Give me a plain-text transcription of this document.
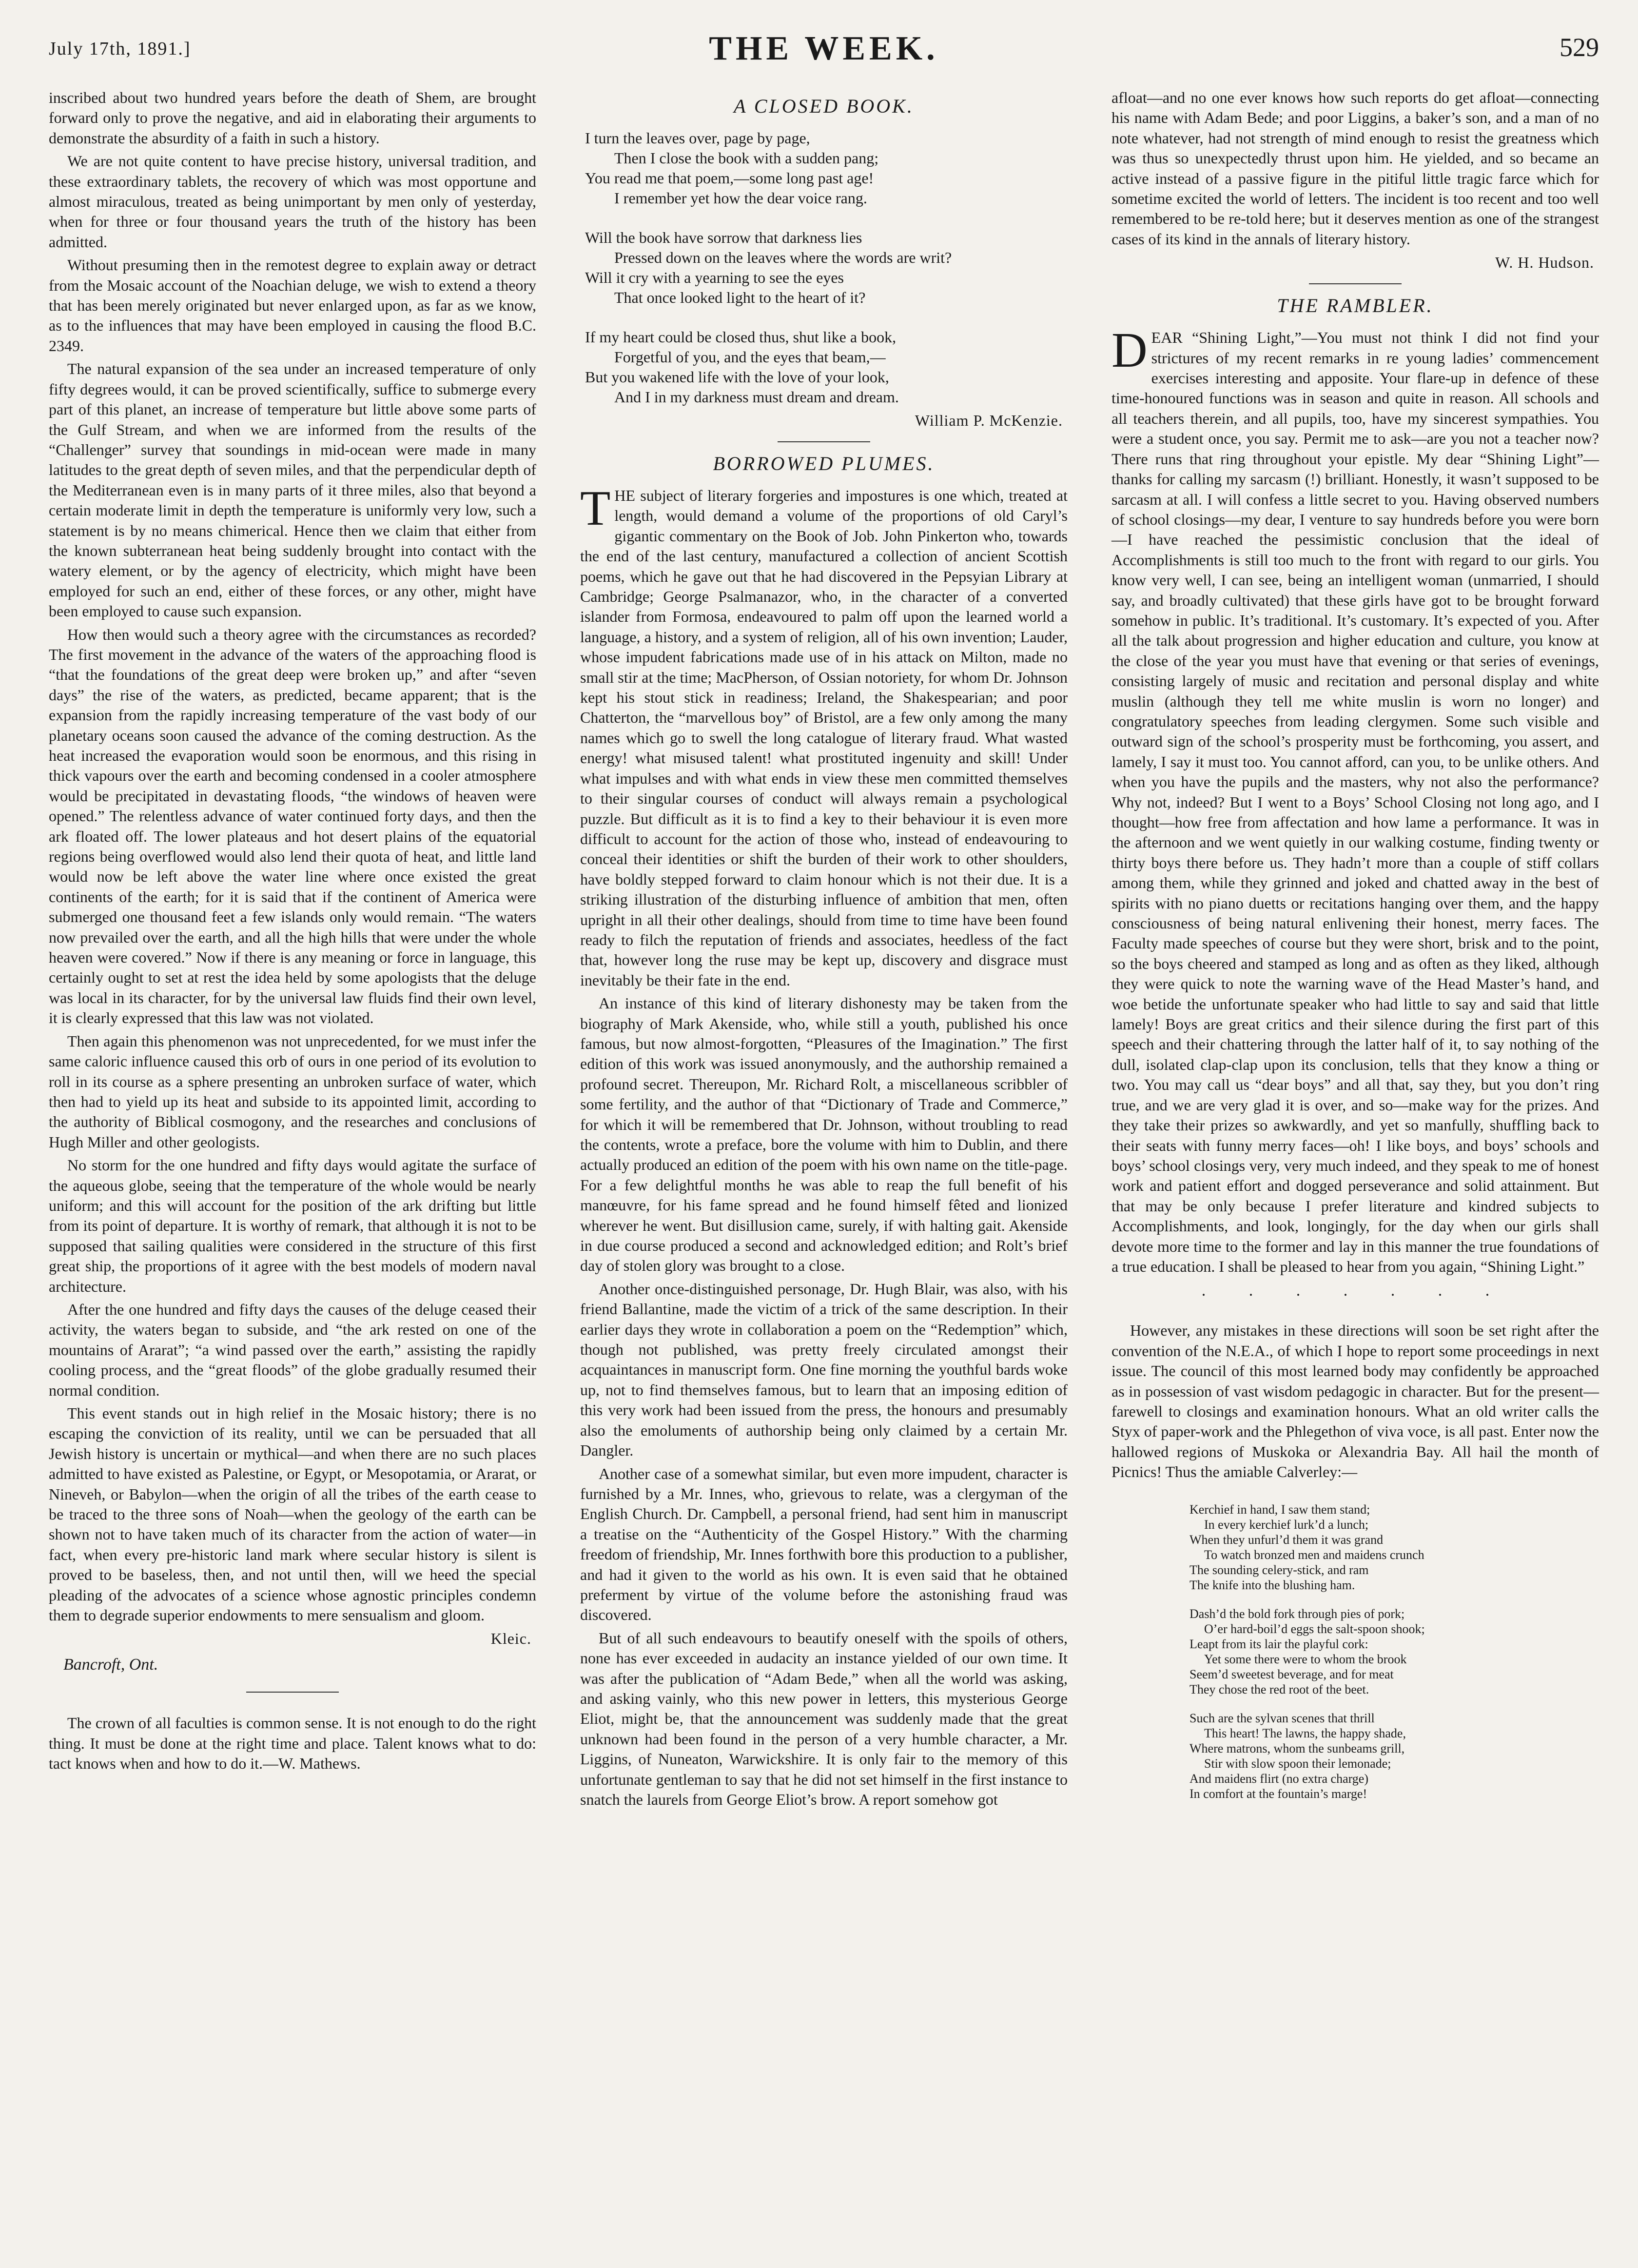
July 17th, 1891.]	THE WEEK.	529

inscribed about two hundred years before the death of Shem, are brought forward only to prove the negative, and aid in elaborating their arguments to demonstrate the absurdity of a faith in such a history.

We are not quite content to have precise history, universal tradition, and these extraordinary tablets, the recovery of which was most opportune and almost miraculous, treated as being unimportant by men only of yesterday, when for three or four thousand years the truth of the history has been admitted.

Without presuming then in the remotest degree to explain away or detract from the Mosaic account of the Noachian deluge, we wish to extend a theory that has been merely originated but never enlarged upon, as far as we know, as to the influences that may have been employed in causing the flood B.C. 2349.

The natural expansion of the sea under an increased temperature of only fifty degrees would, it can be proved scientifically, suffice to submerge every part of this planet, an increase of temperature but little above some parts of the Gulf Stream, and when we are informed from the results of the “Challenger” survey that soundings in mid-ocean were made in many latitudes to the great depth of seven miles, and that the perpendicular depth of the Mediterranean even is in many parts of it three miles, also that beyond a certain moderate limit in depth the temperature is uniformly very low, such a statement is by no means chimerical. Hence then we claim that either from the known subterranean heat being suddenly brought into contact with the watery element, or by the agency of electricity, which might have been employed for such an end, either of these forces, or any other, might have been employed to cause such expansion.

How then would such a theory agree with the circumstances as recorded? The first movement in the advance of the waters of the approaching flood is “that the foundations of the great deep were broken up,” and after “seven days” the rise of the waters, as predicted, became apparent; that is the expansion from the rapidly increasing temperature of the vast body of our planetary oceans soon caused the advance of the coming destruction. As the heat increased the evaporation would soon be enormous, and this rising in thick vapours over the earth and becoming condensed in a cooler atmosphere would be precipitated in devastating floods, “the windows of heaven were opened.” The relentless advance of water continued forty days, and then the ark floated off. The lower plateaus and hot desert plains of the equatorial regions being overflowed would also lend their quota of heat, and little land would now be left above the water line where once existed the great continents of the earth; for it is said that if the continent of America were submerged one thousand feet a few islands only would remain. “The waters now prevailed over the earth, and all the high hills that were under the whole heaven were covered.” Now if there is any meaning or force in language, this certainly ought to set at rest the idea held by some apologists that the deluge was local in its character, for by the universal law fluids find their own level, it is clearly expressed that this law was not violated.

Then again this phenomenon was not unprecedented, for we must infer the same caloric influence caused this orb of ours in one period of its evolution to roll in its course as a sphere presenting an unbroken surface of water, which then had to yield up its heat and subside to its appointed limit, according to the authority of Biblical cosmogony, and the researches and conclusions of Hugh Miller and other geologists.

No storm for the one hundred and fifty days would agitate the surface of the aqueous globe, seeing that the temperature of the whole would be nearly uniform; and this will account for the position of the ark drifting but little from its point of departure. It is worthy of remark, that although it is not to be supposed that sailing qualities were considered in the structure of this first great ship, the proportions of it agree with the best models of modern naval architecture.

After the one hundred and fifty days the causes of the deluge ceased their activity, the waters began to subside, and “the ark rested on one of the mountains of Ararat”; “a wind passed over the earth,” assisting the rapidly cooling process, and the “great floods” of the globe gradually resumed their normal condition.

This event stands out in high relief in the Mosaic history; there is no escaping the conviction of its reality, until we can be persuaded that all Jewish history is uncertain or mythical—and when there are no such places admitted to have existed as Palestine, or Egypt, or Mesopotamia, or Ararat, or Nineveh, or Babylon—when the origin of all the tribes of the earth cease to be traced to the three sons of Noah—when the geology of the earth can be shown not to have taken much of its character from the action of water—in fact, when every pre-historic land mark where secular history is silent is proved to be baseless, then, and not until then, will we heed the special pleading of the advocates of a science whose agnostic principles condemn them to degrade superior endowments to mere sensualism and gloom.

Kleic.
Bancroft, Ont.

The crown of all faculties is common sense. It is not enough to do the right thing. It must be done at the right time and place. Talent knows what to do: tact knows when and how to do it.—W. Mathews.

A CLOSED BOOK.
I turn the leaves over, page by page,
Then I close the book with a sudden pang;
You read me that poem,—some long past age!
I remember yet how the dear voice rang.
Will the book have sorrow that darkness lies
Pressed down on the leaves where the words are writ?
Will it cry with a yearning to see the eyes
That once looked light to the heart of it?
If my heart could be closed thus, shut like a book,
Forgetful of you, and the eyes that beam,—
But you wakened life with the love of your look,
And I in my darkness must dream and dream.
William P. McKenzie.
BORROWED PLUMES.

THE subject of literary forgeries and impostures is one which, treated at length, would demand a volume of the proportions of old Caryl’s gigantic commentary on the Book of Job. John Pinkerton who, towards the end of the last century, manufactured a collection of ancient Scottish poems, which he gave out that he had discovered in the Pepsyian Library at Cambridge; George Psalmanazor, who, in the character of a converted islander from Formosa, endeavoured to palm off upon the learned world a language, a history, and a system of religion, all of his own invention; Lauder, whose impudent fabrications made use of in his attack on Milton, made no small stir at the time; MacPherson, of Ossian notoriety, for whom Dr. Johnson kept his stout stick in readiness; Ireland, the Shakespearian; and poor Chatterton, the “marvellous boy” of Bristol, are a few only among the many names which go to swell the long catalogue of literary fraud. What wasted energy! what misused talent! what prostituted ingenuity and skill! Under what impulses and with what ends in view these men committed themselves to their singular courses of conduct will always remain a psychological puzzle. But difficult as it is to find a key to their behaviour it is even more difficult to account for the action of those who, instead of endeavouring to conceal their identities or shift the burden of their work to other shoulders, have boldly stepped forward to claim honour which is not their due. It is a striking illustration of the disturbing influence of ambition that men, often upright in all their other dealings, should from time to time have been found ready to filch the reputation of friends and associates, heedless of the fact that, however long the ruse may be kept up, discovery and disgrace must inevitably be their fate in the end.

An instance of this kind of literary dishonesty may be taken from the biography of Mark Akenside, who, while still a youth, published his once famous, but now almost-forgotten, “Pleasures of the Imagination.” The first edition of this work was issued anonymously, and the authorship remained a profound secret. Thereupon, Mr. Richard Rolt, a miscellaneous scribbler of some fertility, and the author of that “Dictionary of Trade and Commerce,” for which it will be remembered that Dr. Johnson, without troubling to read the contents, wrote a preface, bore the volume with him to Dublin, and there actually produced an edition of the poem with his own name on the title-page. For a few delightful months he was able to reap the full benefit of his manœuvre, for his fame spread and he found himself fêted and lionized wherever he went. But disillusion came, surely, if with halting gait. Akenside in due course produced a second and acknowledged edition; and Rolt’s brief day of stolen glory was brought to a close.

Another once-distinguished personage, Dr. Hugh Blair, was also, with his friend Ballantine, made the victim of a trick of the same description. In their earlier days they wrote in collaboration a poem on the “Redemption” which, though not published, was pretty freely circulated amongst their acquaintances in manuscript form. One fine morning the youthful bards woke up, not to find themselves famous, but to learn that an imposing edition of this very work had been issued from the press, the honours and presumably also the emoluments of authorship being only claimed by a certain Mr. Dangler.

Another case of a somewhat similar, but even more impudent, character is furnished by a Mr. Innes, who, grievous to relate, was a clergyman of the English Church. Dr. Campbell, a personal friend, had sent him in manuscript a treatise on the “Authenticity of the Gospel History.” With the charming freedom of friendship, Mr. Innes forthwith bore this production to a publisher, and had it given to the world as his own. It is even said that he obtained preferment by virtue of the volume before the astonishing fraud was discovered.

But of all such endeavours to beautify oneself with the spoils of others, none has ever exceeded in audacity an instance yielded of our own time. It was after the publication of “Adam Bede,” when all the world was asking, and asking vainly, who this new power in letters, this mysterious George Eliot, might be, that the announcement was suddenly made that the great unknown had been found in the person of a very humble character, a Mr. Liggins, of Nuneaton, Warwickshire. It is only fair to the memory of this unfortunate gentleman to say that he did not set himself in the first instance to snatch the laurels from George Eliot’s brow. A report somehow got

afloat—and no one ever knows how such reports do get afloat—connecting his name with Adam Bede; and poor Liggins, a baker’s son, and a man of no note whatever, had not strength of mind enough to resist the greatness which was thus so unexpectedly thrust upon him. He yielded, and so became an active instead of a passive figure in the pitiful little tragic farce which for sometime excited the world of letters. The incident is too recent and too well remembered to be re-told here; but it deserves mention as one of the strangest cases of its kind in the annals of literary history.

W. H. Hudson.
THE RAMBLER.

DEAR “Shining Light,”—You must not think I did not find your strictures of my recent remarks in re young ladies’ commencement exercises interesting and apposite. Your flare-up in defence of these time-honoured functions was in season and quite in reason. All schools and all teachers therein, and all pupils, too, have my sincerest sympathies. You were a student once, you say. Permit me to ask—are you not a teacher now? There runs that ring throughout your epistle. My dear “Shining Light”—thanks for calling my sarcasm (!) brilliant. Honestly, it wasn’t supposed to be sarcasm at all. I will confess a little secret to you. Having observed numbers of school closings—my dear, I venture to say hundreds before you were born—I have reached the pessimistic conclusion that the ideal of Accomplishments is still too much to the front with regard to our girls. You know very well, I can see, being an intelligent woman (unmarried, I should say, and broadly cultivated) that these girls have got to be brought forward somehow in public. It’s traditional. It’s customary. It’s expected of you. After all the talk about progression and higher education and culture, you know at the close of the year you must have that evening or that series of evenings, consisting largely of music and recitation and personal display and white muslin (although they tell me white muslin is worn no longer) and congratulatory speeches from leading clergymen. Some such visible and outward sign of the school’s prosperity must be forthcoming, you assert, and lamely, I say it must too. You cannot afford, can you, to be unlike others. And when you have the pupils and the masters, why not also the performance? Why not, indeed? But I went to a Boys’ School Closing not long ago, and I thought—how free from affectation and how lame a performance. It was in the afternoon and we went quietly in our walking costume, finding twenty or thirty boys there before us. They hadn’t more than a couple of stiff collars among them, while they grinned and joked and chatted away in the best of spirits with no piano duetts or recitations hanging over them, and the happy consciousness of being natural enlivening their honest, merry faces. The Faculty made speeches of course but they were short, brisk and to the point, so the boys cheered and stamped as long and as often as they liked, although they were quick to note the warning wave of the Head Master’s hand, and woe betide the unfortunate speaker who had little to say and said that little lamely! Boys are great critics and their silence during the first part of this speech and their chattering through the latter half of it, to say nothing of the dull, isolated clap-clap upon its conclusion, tells that they know a thing or two. You may call us “dear boys” and all that, say they, but you don’t ring true, and we are very glad it is over, and so—make way for the prizes. And they take their prizes so awkwardly, and yet so manfully, shuffling back to their seats with funny merry faces—oh! I like boys, and boys’ schools and boys’ school closings very, very much indeed, and they speak to me of honest work and patient effort and dogged perseverance and solid attainment. But that may be only because I prefer literature and kindred subjects to Accomplishments, and look, longingly, for the day when our girls shall devote more time to the former and lay in this manner the true foundations of a true education. I shall be pleased to hear from you again, “Shining Light.”

. . . . . . .

However, any mistakes in these directions will soon be set right after the convention of the N.E.A., of which I hope to report some proceedings in next issue. The council of this most learned body may confidently be approached as in possession of vast wisdom pedagogic in character. But for the present—farewell to closings and examination honours. What an old writer calls the Styx of paper-work and the Phlegethon of viva voce, is all past. Enter now the hallowed regions of Muskoka or Alexandria Bay. All hail the month of Picnics! Thus the amiable Calverley:—

Kerchief in hand, I saw them stand;
In every kerchief lurk’d a lunch;
When they unfurl’d them it was grand
To watch bronzed men and maidens crunch
The sounding celery-stick, and ram
The knife into the blushing ham.
Dash’d the bold fork through pies of pork;
O’er hard-boil’d eggs the salt-spoon shook;
Leapt from its lair the playful cork:
Yet some there were to whom the brook
Seem’d sweetest beverage, and for meat
They chose the red root of the beet.
Such are the sylvan scenes that thrill
This heart! The lawns, the happy shade,
Where matrons, whom the sunbeams grill,
Stir with slow spoon their lemonade;
And maidens flirt (no extra charge)
In comfort at the fountain’s marge!
